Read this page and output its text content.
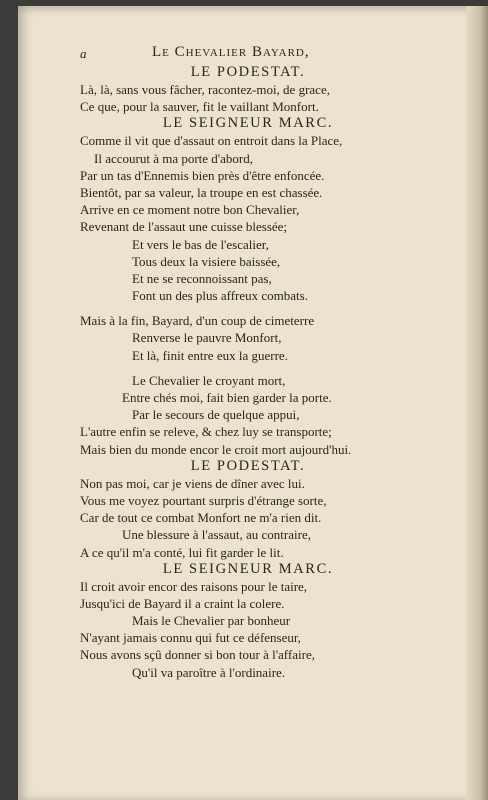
a	Le Chevalier Bayard,
LE PODESTAT.
Là, là, sans vous fâcher, racontez-moi, de grace,
Ce que, pour la sauver, fit le vaillant Monfort.
LE SEIGNEUR MARC.
Comme il vit que d'assaut on entroit dans la Place,
Il accourut à ma porte d'abord,
Par un tas d'Ennemis bien près d'être enfoncée.
Bientôt, par sa valeur, la troupe en est chassée.
Arrive en ce moment notre bon Chevalier,
Revenant de l'assaut une cuisse blessée;
Et vers le bas de l'escalier,
Tous deux la visiere baissée,
Et ne se reconnoissant pas,
Font un des plus affreux combats.
Mais à la fin, Bayard, d'un coup de cimeterre
Renverse le pauvre Monfort,
Et là, finit entre eux la guerre.
Le Chevalier le croyant mort,
Entre chés moi, fait bien garder la porte.
Par le secours de quelque appui,
L'autre enfin se releve, & chez luy se transporte;
Mais bien du monde encor le croit mort aujourd'hui.
LE PODESTAT.
Non pas moi, car je viens de dîner avec lui.
Vous me voyez pourtant surpris d'étrange sorte,
Car de tout ce combat Monfort ne m'a rien dit.
Une blessure à l'assaut, au contraire,
A ce qu'il m'a conté, lui fit garder le lit.
LE SEIGNEUR MARC.
Il croit avoir encor des raisons pour le taire,
Jusqu'ici de Bayard il a craint la colere.
Mais le Chevalier par bonheur
N'ayant jamais connu qui fut ce défenseur,
Nous avons sçû donner si bon tour à l'affaire,
Qu'il va paroître à l'ordinaire.
